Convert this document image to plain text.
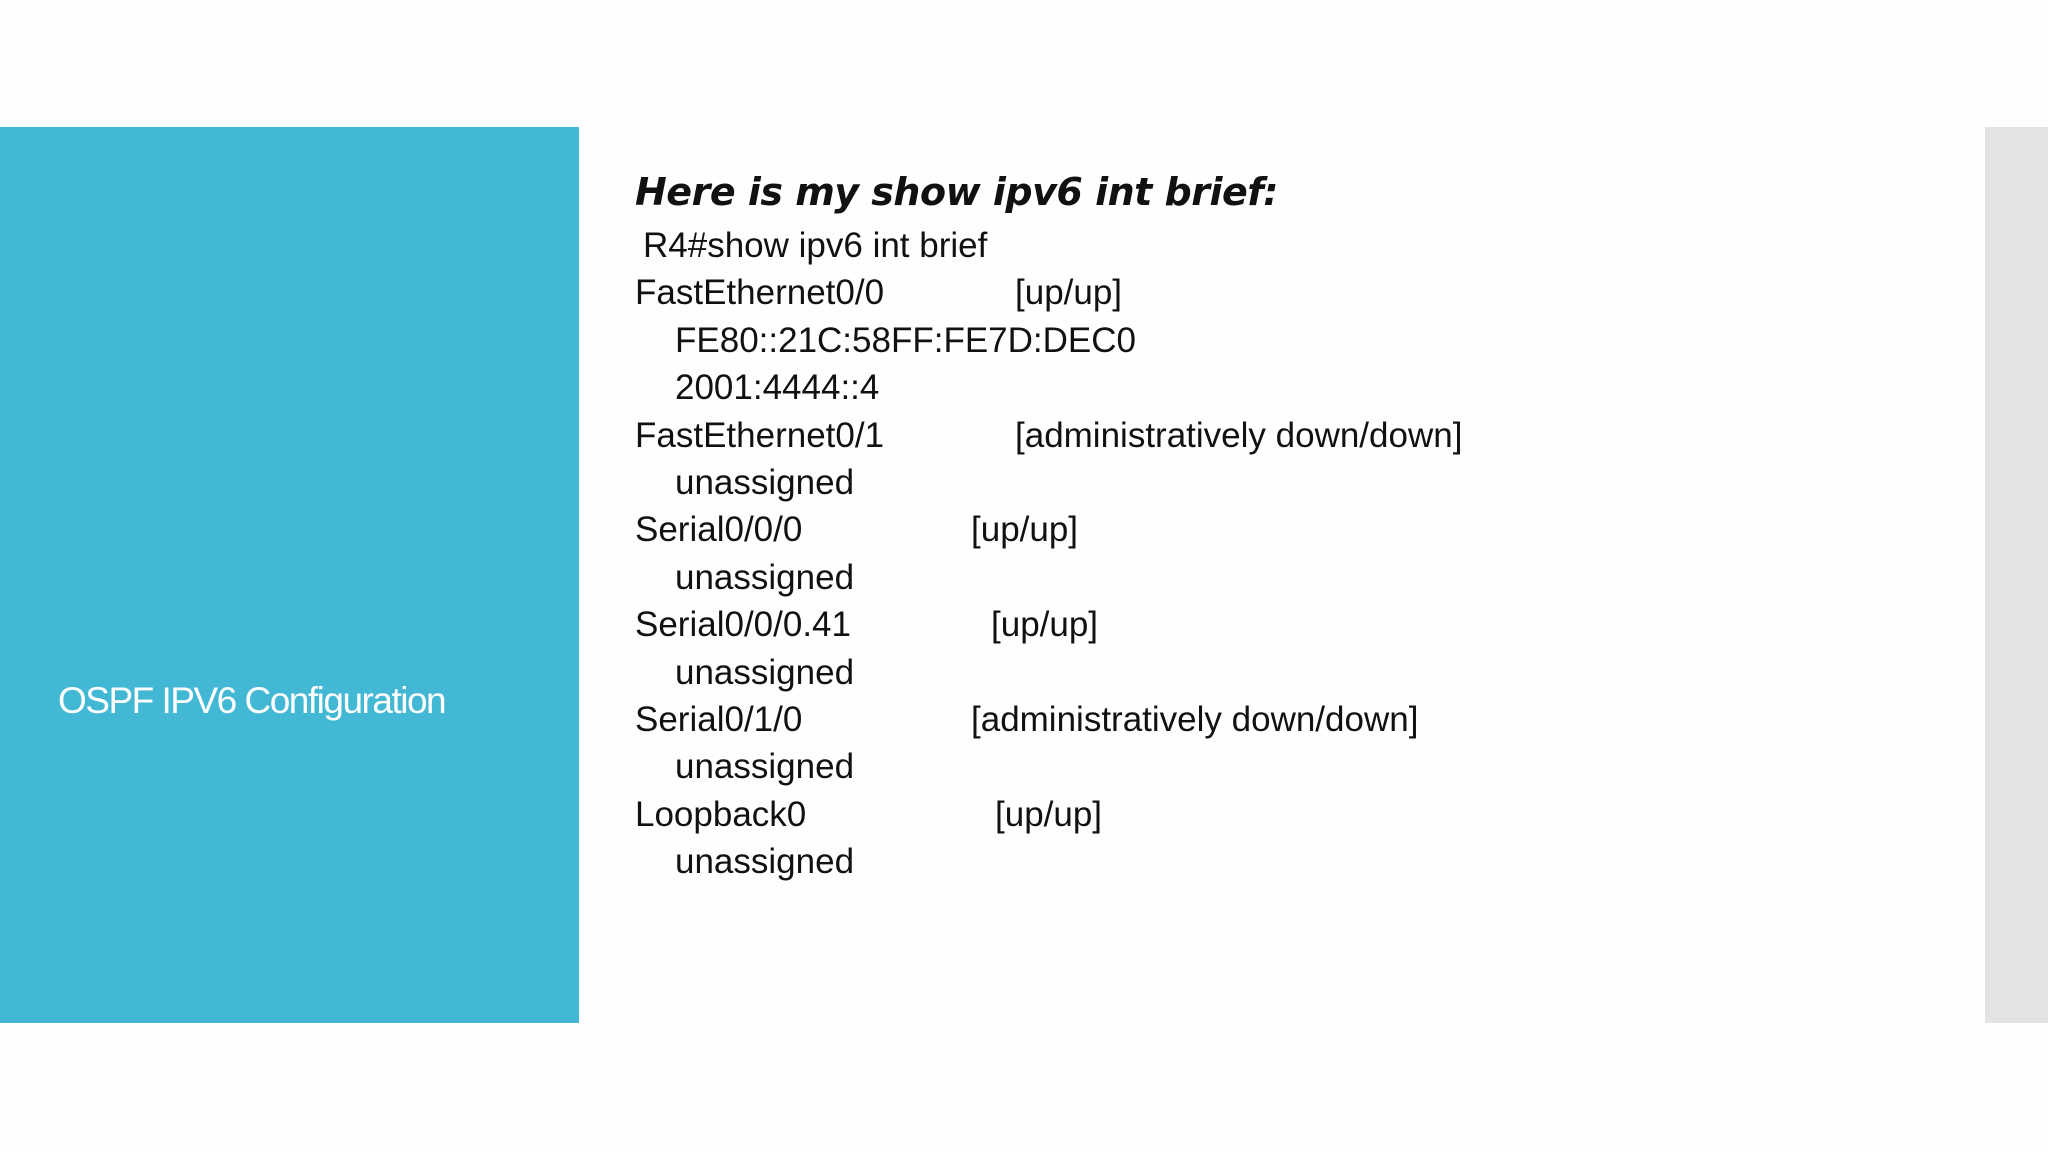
OSPF IPV6 Configuration
Here is my show ipv6 int brief:
R4#show ipv6 int brief
FastEthernet0/0	[up/up]
FE80::21C:58FF:FE7D:DEC0
2001:4444::4
FastEthernet0/1	[administratively down/down]
unassigned
Serial0/0/0	[up/up]
unassigned
Serial0/0/0.41	[up/up]
unassigned
Serial0/1/0	[administratively down/down]
unassigned
Loopback0	[up/up]
unassigned
